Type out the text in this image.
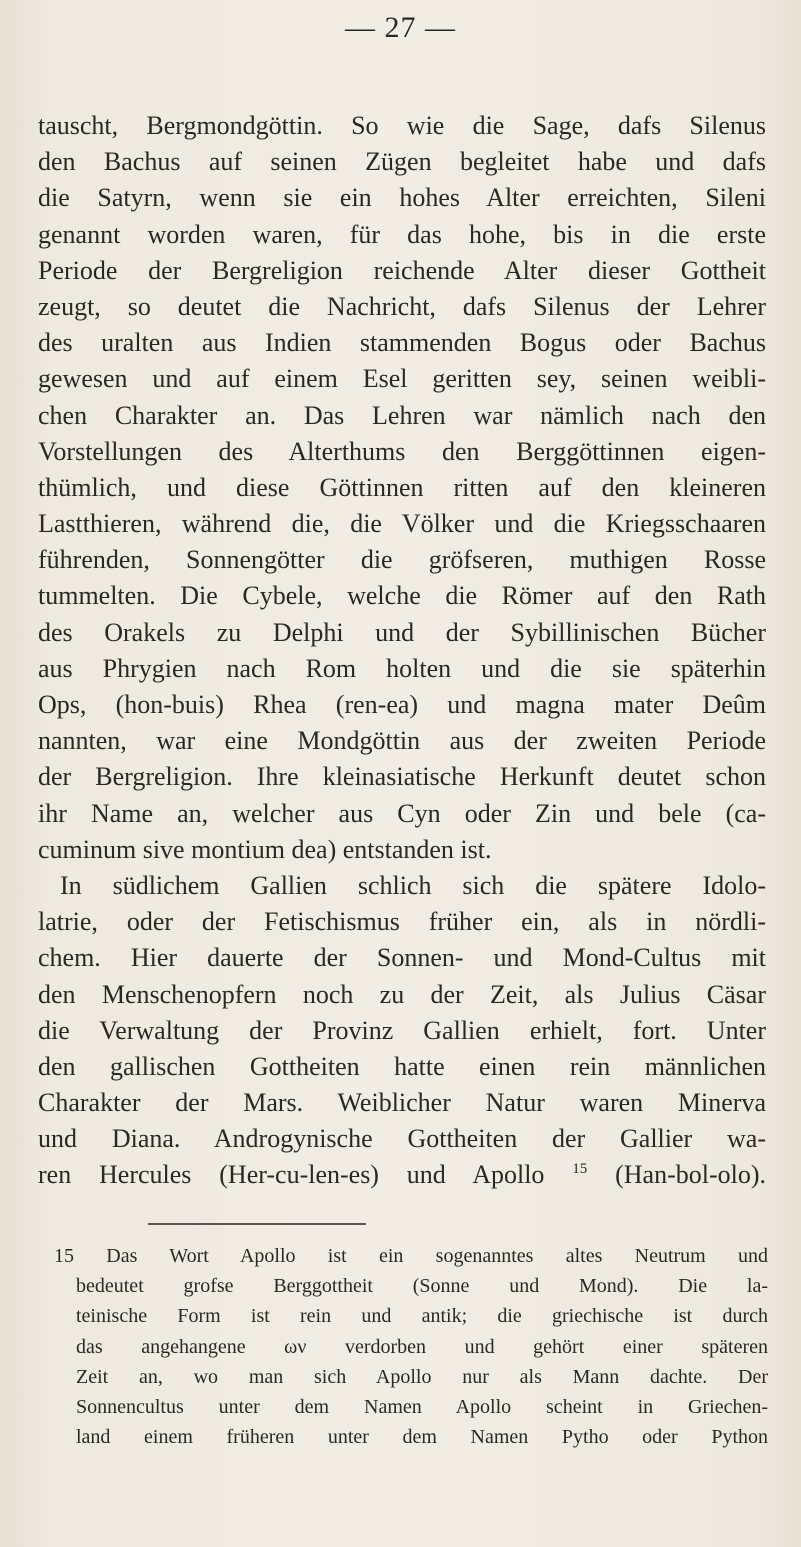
— 27 —
tauscht, Bergmondgöttin. So wie die Sage, dafs Silenus
den Bachus auf seinen Zügen begleitet habe und dafs
die Satyrn, wenn sie ein hohes Alter erreichten, Sileni
genannt worden waren, für das hohe, bis in die erste
Periode der Bergreligion reichende Alter dieser Gottheit
zeugt, so deutet die Nachricht, dafs Silenus der Lehrer
des uralten aus Indien stammenden Bogus oder Bachus
gewesen und auf einem Esel geritten sey, seinen weibli-
chen Charakter an. Das Lehren war nämlich nach den
Vorstellungen des Alterthums den Berggöttinnen eigen-
thümlich, und diese Göttinnen ritten auf den kleineren
Lastthieren, während die, die Völker und die Kriegsschaaren
führenden, Sonnengötter die gröfseren, muthigen Rosse
tummelten. Die Cybele, welche die Römer auf den Rath
des Orakels zu Delphi und der Sybillinischen Bücher
aus Phrygien nach Rom holten und die sie späterhin
Ops, (hon-buis) Rhea (ren-ea) und magna mater Deûm
nannten, war eine Mondgöttin aus der zweiten Periode
der Bergreligion. Ihre kleinasiatische Herkunft deutet schon
ihr Name an, welcher aus Cyn oder Zin und bele (ca-
cuminum sive montium dea) entstanden ist.
In südlichem Gallien schlich sich die spätere Idolo-
latrie, oder der Fetischismus früher ein, als in nördli-
chem. Hier dauerte der Sonnen- und Mond-Cultus mit
den Menschenopfern noch zu der Zeit, als Julius Cäsar
die Verwaltung der Provinz Gallien erhielt, fort. Unter
den gallischen Gottheiten hatte einen rein männlichen
Charakter der Mars. Weiblicher Natur waren Minerva
und Diana. Androgynische Gottheiten der Gallier wa-
ren Hercules (Her-cu-len-es) und Apollo $^{15}$ (Han-bol-olo).
15 Das Wort Apollo ist ein sogenanntes altes Neutrum und
bedeutet grofse Berggottheit (Sonne und Mond). Die la-
teinische Form ist rein und antik; die griechische ist durch
das angehangene ων verdorben und gehört einer späteren
Zeit an, wo man sich Apollo nur als Mann dachte. Der
Sonnencultus unter dem Namen Apollo scheint in Griechen-
land einem früheren unter dem Namen Pytho oder Python
